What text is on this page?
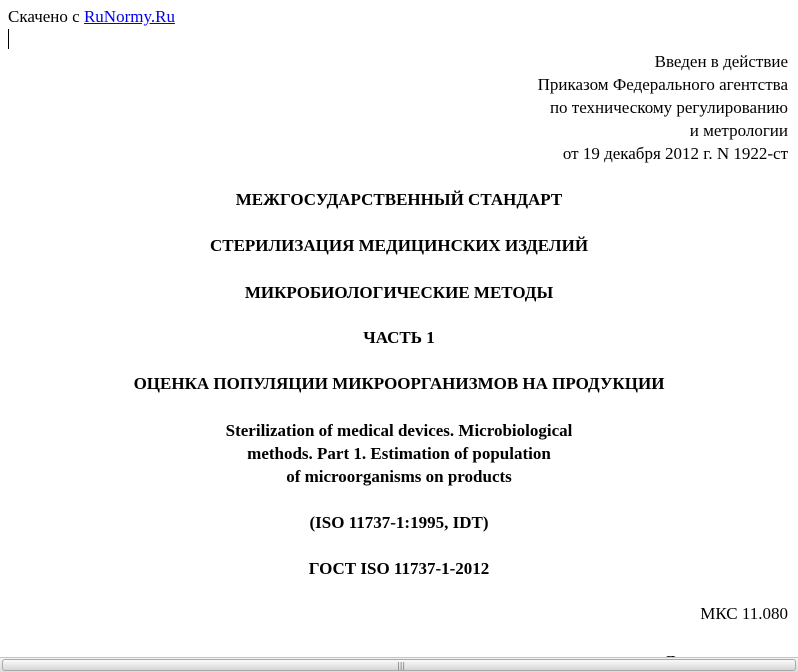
Скачено с RuNormy.Ru
Введен в действие
Приказом Федерального агентства
по техническому регулированию
и метрологии
от 19 декабря 2012 г. N 1922-ст
МЕЖГОСУДАРСТВЕННЫЙ СТАНДАРТ
СТЕРИЛИЗАЦИЯ МЕДИЦИНСКИХ ИЗДЕЛИЙ
МИКРОБИОЛОГИЧЕСКИЕ МЕТОДЫ
ЧАСТЬ 1
ОЦЕНКА ПОПУЛЯЦИИ МИКРООРГАНИЗМОВ НА ПРОДУКЦИИ
Sterilization of medical devices. Microbiological
methods. Part 1. Estimation of population
of microorganisms on products
(ISO 11737-1:1995, IDT)
ГОСТ ISO 11737-1-2012
МКС 11.080
|||
